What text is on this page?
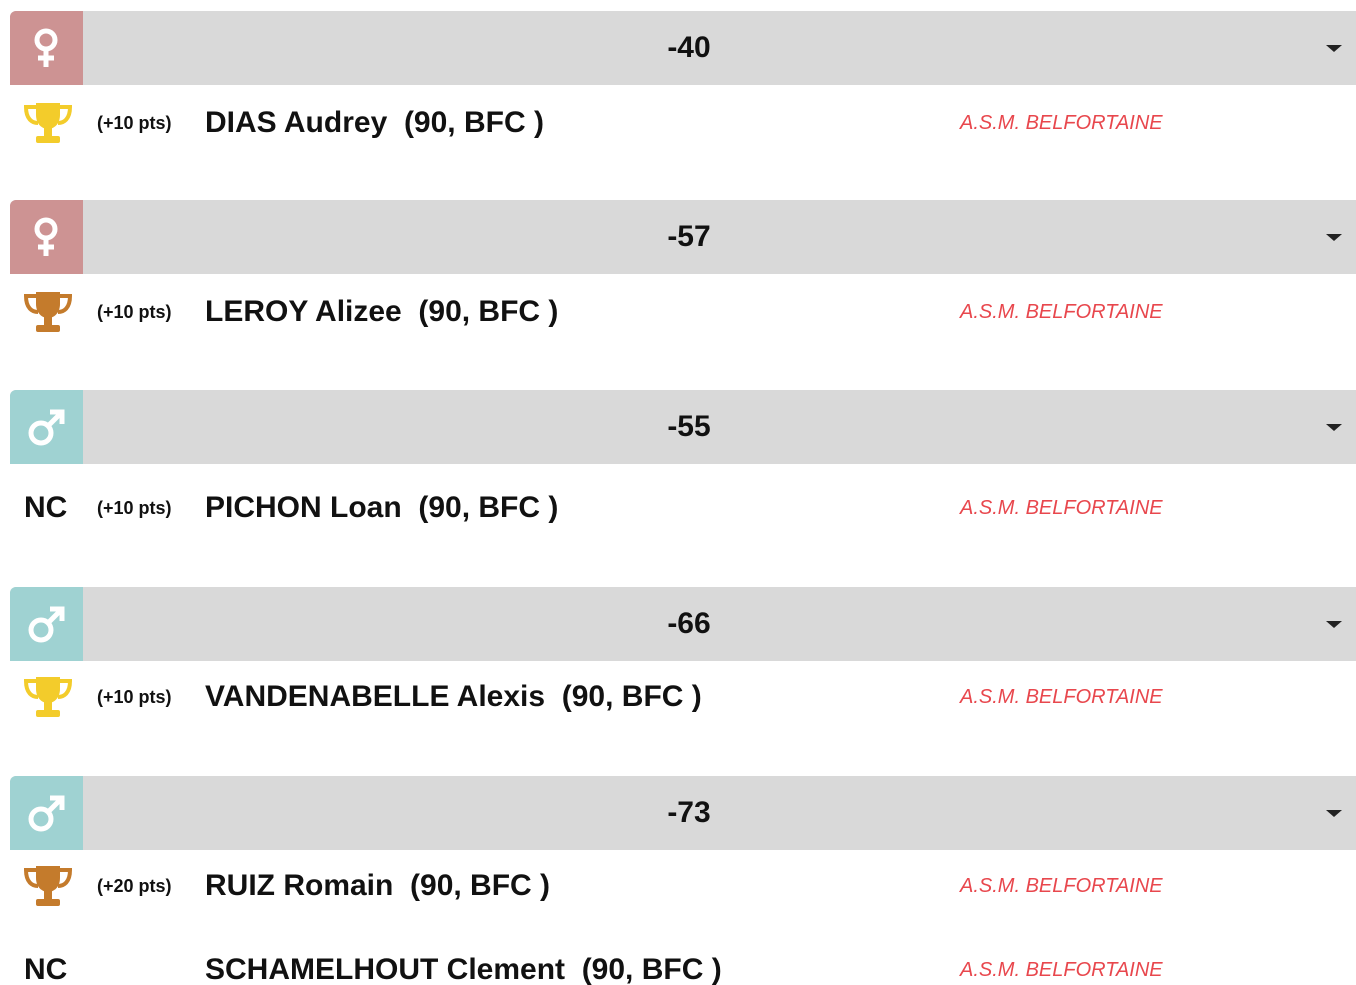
-40
(+10 pts) DIAS Audrey (90, BFC )	A.S.M. BELFORTAINE
-57
(+10 pts) LEROY Alizee (90, BFC )	A.S.M. BELFORTAINE
-55
NC (+10 pts) PICHON Loan (90, BFC )	A.S.M. BELFORTAINE
-66
(+10 pts) VANDENABELLE Alexis (90, BFC )	A.S.M. BELFORTAINE
-73
(+20 pts) RUIZ Romain (90, BFC )	A.S.M. BELFORTAINE
NC	SCHAMELHOUT Clement (90, BFC )	A.S.M. BELFORTAINE
